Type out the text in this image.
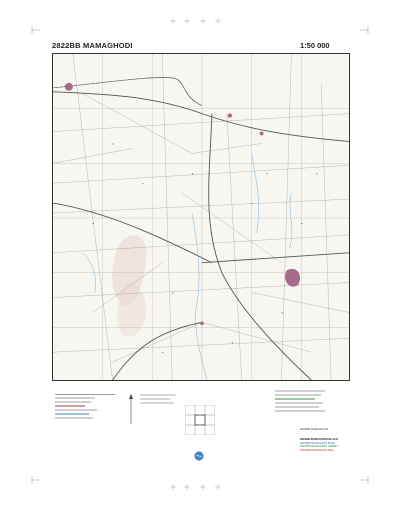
2822BB MAMAGHODI	1:50 000
2822BB MAMAGHODI
2822BB MAMAGHODI BLACK
2822BB MAMAGHODI BLUE
2822BB MAMAGHODI GREEN
2822BB MAMAGHODI RED
